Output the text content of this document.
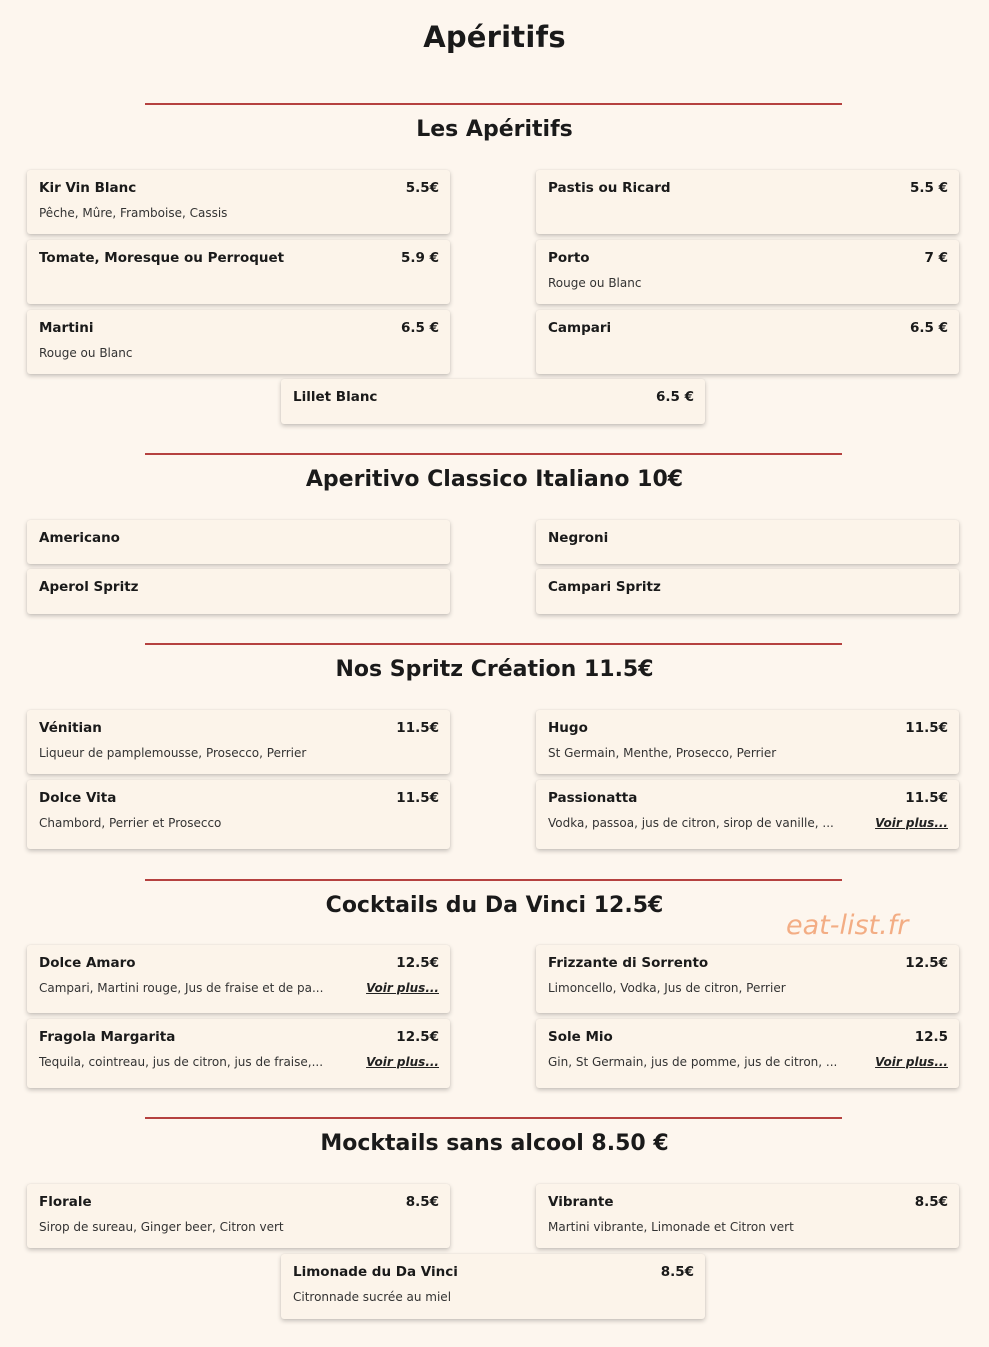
Apéritifs
Les Apéritifs
Kir Vin Blanc	5.5€
Pêche, Mûre, Framboise, Cassis
Pastis ou Ricard	5.5 €
Tomate, Moresque ou Perroquet	5.9 €	Porto	7 €
Rouge ou Blanc
Martini	6.5 €
Rouge ou Blanc
Campari	6.5 €
Lillet Blanc	6.5 €
Aperitivo Classico Italiano 10€
Americano	Negroni
Aperol Spritz	Campari Spritz
Nos Spritz Création 11.5€
Vénitian	11.5€
Liqueur de pamplemousse, Prosecco, Perrier
Hugo	11.5€
St Germain, Menthe, Prosecco, Perrier
Dolce Vita	11.5€
Chambord, Perrier et Prosecco
Passionatta	11.5€
Vodka, passoa, jus de citron, sirop de vanille, ...	Voir plus...
Cocktails du Da Vinci 12.5€
eat-list.fr
Dolce Amaro	12.5€
Campari, Martini rouge, Jus de fraise et de pa...	Voir plus...
Frizzante di Sorrento	12.5€
Limoncello, Vodka, Jus de citron, Perrier
Fragola Margarita	12.5€
Tequila, cointreau, jus de citron, jus de fraise,...	Voir plus...
Sole Mio	12.5
Gin, St Germain, jus de pomme, jus de citron, ...	Voir plus...
Mocktails sans alcool 8.50 €
Florale	8.5€
Sirop de sureau, Ginger beer, Citron vert
Vibrante	8.5€
Martini vibrante, Limonade et Citron vert
Limonade du Da Vinci	8.5€
Citronnade sucrée au miel
